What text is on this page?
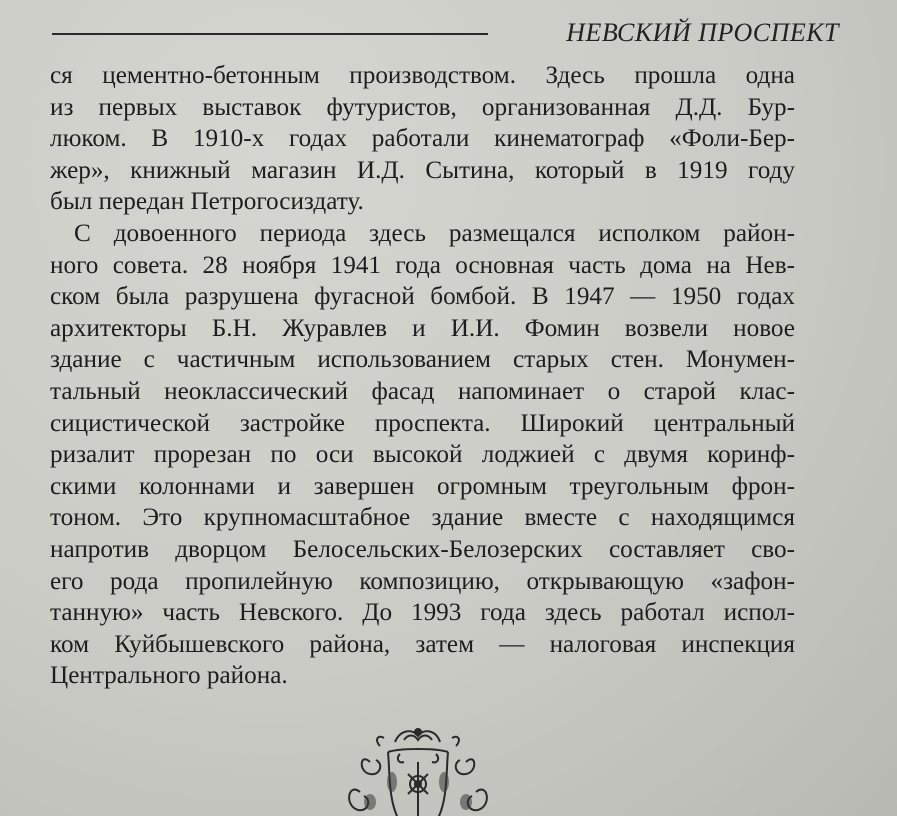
НЕВСКИЙ ПРОСПЕКТ
ся цементно-бетонным производством. Здесь прошла одна
из первых выставок футуристов, организованная Д.Д. Бур-
люком. В 1910-х годах работали кинематограф «Фоли-Бер-
жер», книжный магазин И.Д. Сытина, который в 1919 году
был передан Петрогосиздату.
С довоенного периода здесь размещался исполком район-
ного совета. 28 ноября 1941 года основная часть дома на Нев-
ском была разрушена фугасной бомбой. В 1947 — 1950 годах
архитекторы Б.Н. Журавлев и И.И. Фомин возвели новое
здание с частичным использованием старых стен. Монумен-
тальный неоклассический фасад напоминает о старой клас-
сицистической застройке проспекта. Широкий центральный
ризалит прорезан по оси высокой лоджией с двумя коринф-
скими колоннами и завершен огромным треугольным фрон-
тоном. Это крупномасштабное здание вместе с находящимся
напротив дворцом Белосельских-Белозерских составляет сво-
его рода пропилейную композицию, открывающую «зафон-
танную» часть Невского. До 1993 года здесь работал испол-
ком Куйбышевского района, затем — налоговая инспекция
Центрального района.
